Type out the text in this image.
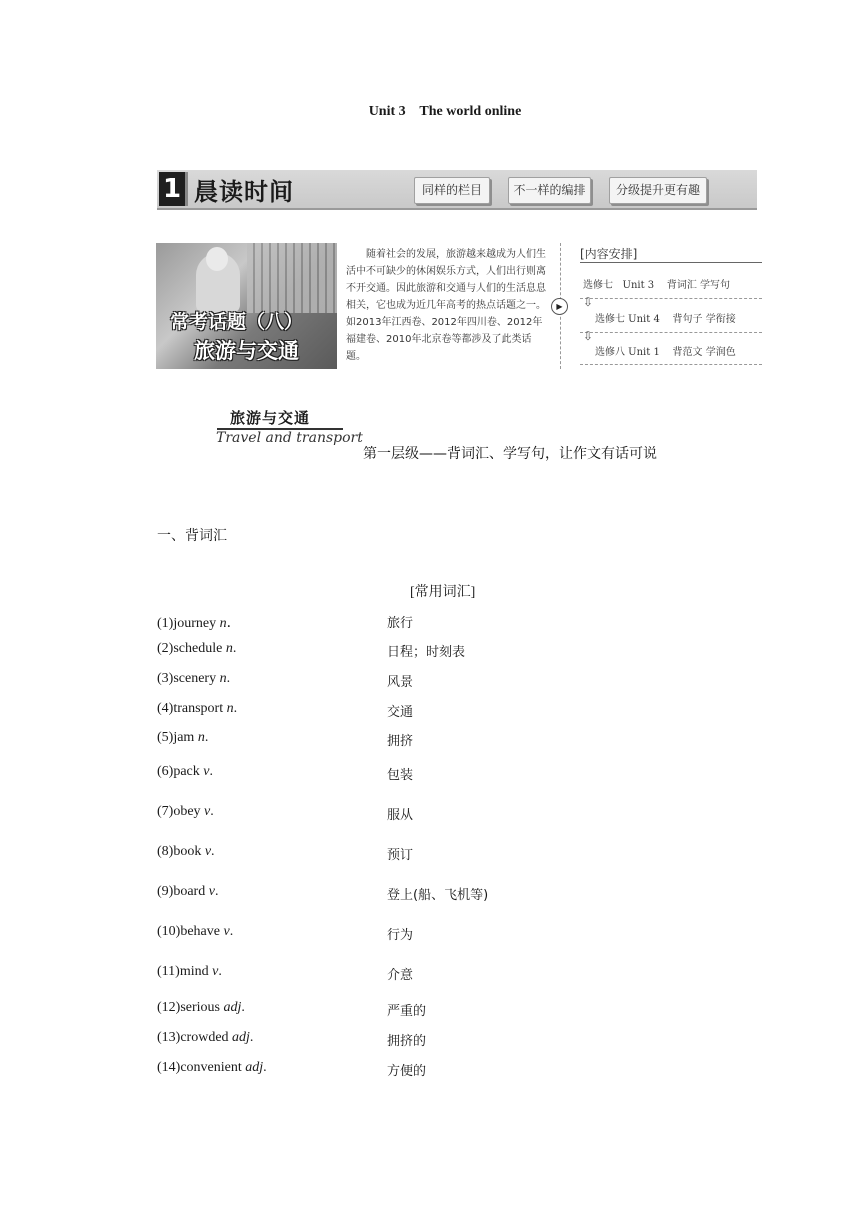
Unit 3    The world online
1 晨读时间	同样的栏目	不一样的编排	分级提升更有趣
常考话题（八）
旅游与交通
随着社会的发展，旅游越来越成为人们生活中不可缺少的休闲娱乐方式，人们出行则离不开交通。因此旅游和交通与人们的生活息息相关，它也成为近几年高考的热点话题之一。如2013年江西卷、2012年四川卷、2012年福建卷、2010年北京卷等都涉及了此类话题。
▶
[内容安排]
选修七   Unit 3    背词汇 学写句
⇩
选修七 Unit 4    背句子 学衔接
⇩
选修八 Unit 1    背范文 学润色
旅游与交通
Travel and transport
第一层级——背词汇、学写句，让作文有话可说
一、背词汇
[常用词汇]
(1)journey n．	旅行
(2)schedule n.	日程；时刻表
(3)scenery n.	风景
(4)transport n.	交通
(5)jam n.	拥挤
(6)pack v.	包装
(7)obey v.	服从
(8)book v.	预订
(9)board v.	登上(船、飞机等)
(10)behave v.	行为
(11)mind v.	介意
(12)serious adj.	严重的
(13)crowded adj.	拥挤的
(14)convenient adj.	方便的
